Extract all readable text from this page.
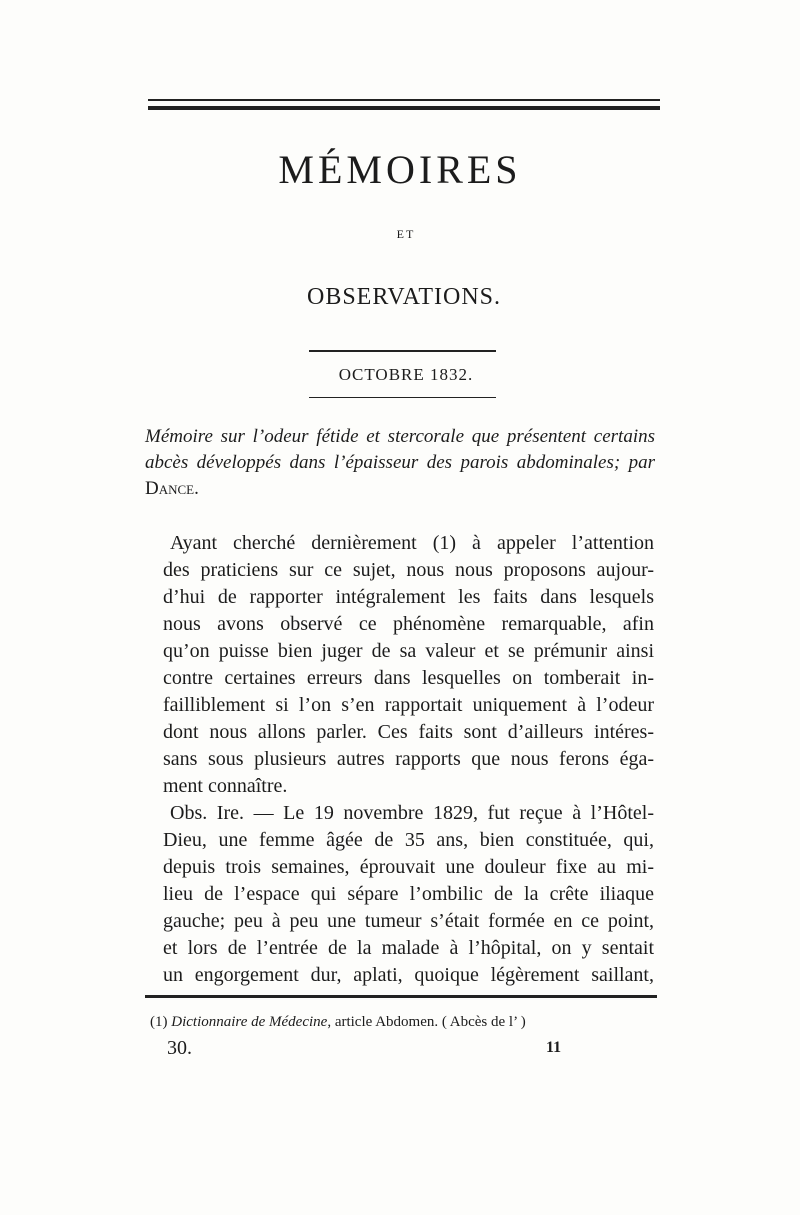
MÉMOIRES
ET
OBSERVATIONS.
OCTOBRE 1832.
Mémoire sur l’odeur fétide et stercorale que présentent certains abcès développés dans l’épaisseur des parois abdominales; par Dance.
Ayant cherché dernièrement (1) à appeler l’attention
des praticiens sur ce sujet, nous nous proposons aujour-
d’hui de rapporter intégralement les faits dans lesquels
nous avons observé ce phénomène remarquable, afin
qu’on puisse bien juger de sa valeur et se prémunir ainsi
contre certaines erreurs dans lesquelles on tomberait in-
failliblement si l’on s’en rapportait uniquement à l’odeur
dont nous allons parler. Ces faits sont d’ailleurs intéres-
sans sous plusieurs autres rapports que nous ferons éga-
ment connaître.
Obs. Ire. — Le 19 novembre 1829, fut reçue à l’Hôtel-
Dieu, une femme âgée de 35 ans, bien constituée, qui,
depuis trois semaines, éprouvait une douleur fixe au mi-
lieu de l’espace qui sépare l’ombilic de la crête iliaque
gauche; peu à peu une tumeur s’était formée en ce point,
et lors de l’entrée de la malade à l’hôpital, on y sentait
un engorgement dur, aplati, quoique légèrement saillant,
(1) Dictionnaire de Médecine, article Abdomen. ( Abcès de l’ )
30.	11
